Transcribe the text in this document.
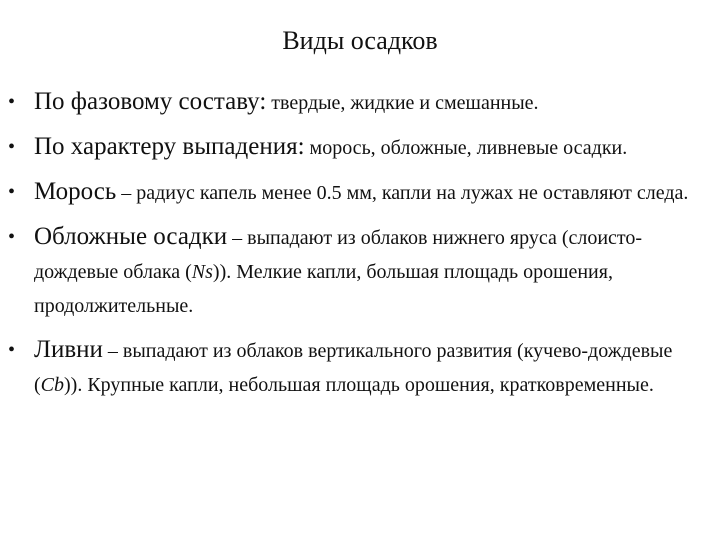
Виды осадков
• По фазовому составу: твердые, жидкие и смешанные.
• По характеру выпадения: морось, обложные, ливневые осадки.
• Морось – радиус капель менее 0.5 мм, капли на лужах не оставляют следа.
• Обложные осадки – выпадают из облаков нижнего яруса (слоисто-дождевые облака (Ns)). Мелкие капли, большая площадь орошения, продолжительные.
• Ливни – выпадают из облаков вертикального развития (кучево-дождевые (Cb)). Крупные капли, небольшая площадь орошения, кратковременные.
